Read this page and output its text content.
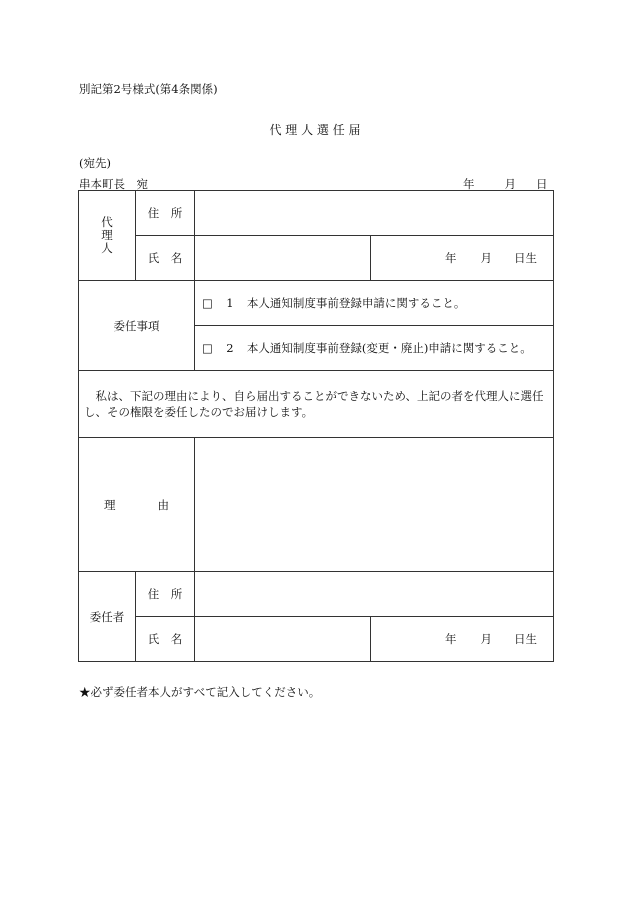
別記第2号様式(第4条関係)
代 理 人 選 任 届
(宛先)
串本町長　宛	年	月 日
代理人	住　所		
	氏　名		年 月 日生
委任事項		□ 1 本人通知制度事前登録申請に関すること。	
		□ 2 本人通知制度事前登録(変更・廃止)申請に関すること。	
　私は、下記の理由により、自ら届出することができないため、上記の者を代理人に選任し、その権限を委任したのでお届けします。			
理 由			
委任者	住　所		
	氏　名		年 月 日生
★必ず委任者本人がすべて記入してください。
